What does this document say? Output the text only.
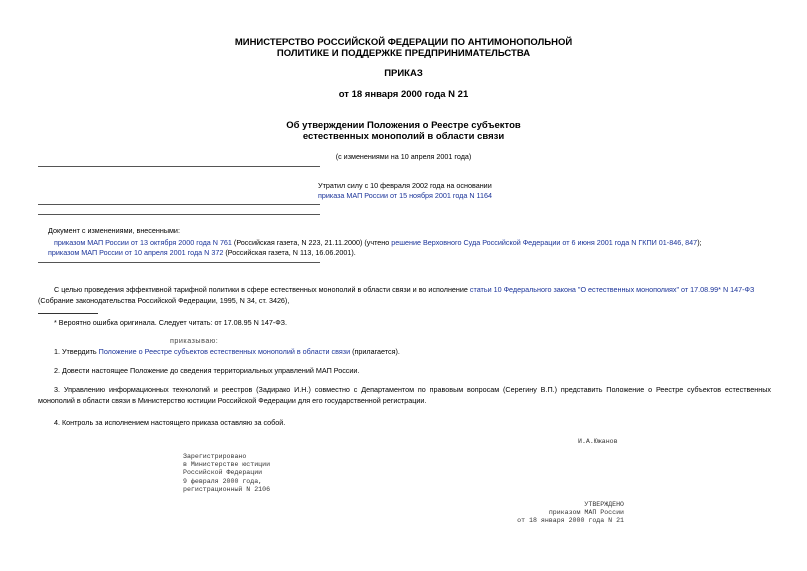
МИНИСТЕРСТВО РОССИЙСКОЙ ФЕДЕРАЦИИ ПО АНТИМОНОПОЛЬНОЙ
ПОЛИТИКЕ И ПОДДЕРЖКЕ ПРЕДПРИНИМАТЕЛЬСТВА
ПРИКАЗ
от 18 января 2000 года N 21
Об утверждении Положения о Реестре субъектов
естественных монополий в области связи
(с изменениями на 10 апреля 2001 года)
Утратил силу с 10 февраля 2002 года на основании
приказа МАП России от 15 ноября 2001 года N 1164
Документ с изменениями, внесенными:
приказом МАП России от 13 октября 2000 года N 761 (Российская газета, N 223, 21.11.2000) (учтено решение Верховного Суда Российской Федерации от 6 июня 2001 года N ГКПИ 01-846, 847);
приказом МАП России от 10 апреля 2001 года N 372 (Российская газета, N 113, 16.06.2001).
С целью проведения эффективной тарифной политики в сфере естественных монополий в области связи и во исполнение статьи 10 Федерального закона "О естественных монополиях" от 17.08.99* N 147-ФЗ
(Собрание законодательства Российской Федерации, 1995, N 34, ст. 3426),
* Вероятно ошибка оригинала. Следует читать: от 17.08.95 N 147-ФЗ.
приказываю:
1. Утвердить Положение о Реестре субъектов естественных монополий в области связи (прилагается).
2. Довести настоящее Положение до сведения территориальных управлений МАП России.
3. Управлению информационных технологий и реестров (Задирако И.Н.) совместно с Департаментом по правовым вопросам (Серегину В.П.) представить Положение о Реестре субъектов естественных монополий в области связи в Министерство юстиции Российской Федерации для его государственной регистрации.
4. Контроль за исполнением настоящего приказа оставляю за собой.
И.А.Южанов
Зарегистрировано
в Министерстве юстиции
Российской Федерации
9 февраля 2000 года,
регистрационный N 2106
УТВЕРЖДЕНО
приказом МАП России
от 18 января 2000 года N 21
